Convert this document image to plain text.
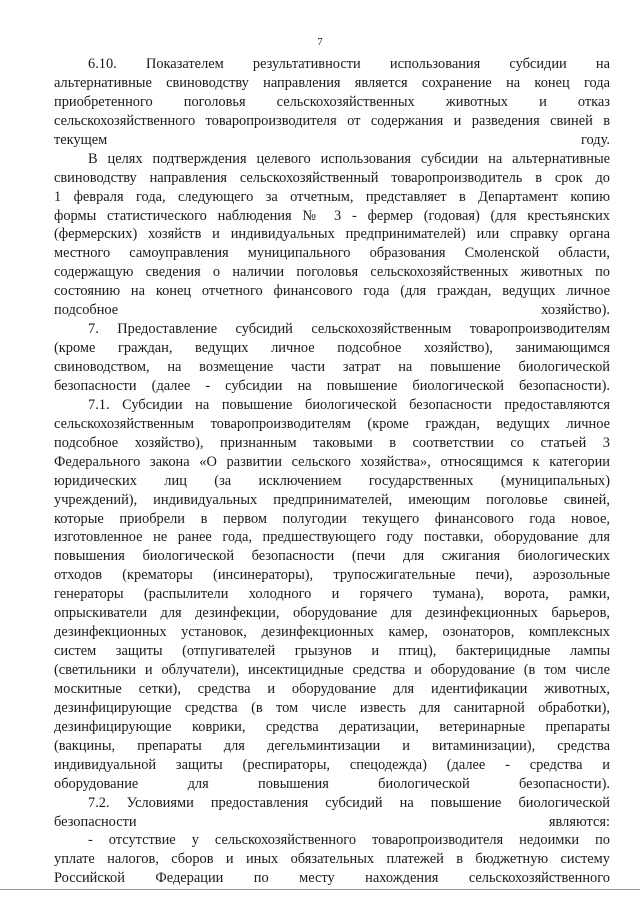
7
6.10. Показателем результативности использования субсидии на
альтернативные свиноводству направления является сохранение на конец года
приобретенного поголовья сельскохозяйственных животных и отказ
сельскохозяйственного товаропроизводителя от содержания и разведения свиней в
текущем году.
В целях подтверждения целевого использования субсидии на альтернативные
свиноводству направления сельскохозяйственный товаропроизводитель в срок до
1 февраля года, следующего за отчетным, представляет в Департамент копию
формы статистического наблюдения № 3 - фермер (годовая) (для крестьянских
(фермерских) хозяйств и индивидуальных предпринимателей) или справку органа
местного самоуправления муниципального образования Смоленской области,
содержащую сведения о наличии поголовья сельскохозяйственных животных по
состоянию на конец отчетного финансового года (для граждан, ведущих личное
подсобное хозяйство).
7. Предоставление субсидий сельскохозяйственным товаропроизводителям
(кроме граждан, ведущих личное подсобное хозяйство), занимающимся
свиноводством, на возмещение части затрат на повышение биологической
безопасности (далее - субсидии на повышение биологической безопасности).
7.1. Субсидии на повышение биологической безопасности предоставляются
сельскохозяйственным товаропроизводителям (кроме граждан, ведущих личное
подсобное хозяйство), признанным таковыми в соответствии со статьей 3
Федерального закона «О развитии сельского хозяйства», относящимся к категории
юридических лиц (за исключением государственных (муниципальных)
учреждений), индивидуальных предпринимателей, имеющим поголовье свиней,
которые приобрели в первом полугодии текущего финансового года новое,
изготовленное не ранее года, предшествующего году поставки, оборудование для
повышения биологической безопасности (печи для сжигания биологических
отходов (крематоры (инсинераторы), трупосжигательные печи), аэрозольные
генераторы (распылители холодного и горячего тумана), ворота, рамки,
опрыскиватели для дезинфекции, оборудование для дезинфекционных барьеров,
дезинфекционных установок, дезинфекционных камер, озонаторов, комплексных
систем защиты (отпугивателей грызунов и птиц), бактерицидные лампы
(светильники и облучатели), инсектицидные средства и оборудование (в том числе
москитные сетки), средства и оборудование для идентификации животных,
дезинфицирующие средства (в том числе известь для санитарной обработки),
дезинфицирующие коврики, средства дератизации, ветеринарные препараты
(вакцины, препараты для дегельминтизации и витаминизации), средства
индивидуальной защиты (респираторы, спецодежда) (далее - средства и
оборудование для повышения биологической безопасности).
7.2. Условиями предоставления субсидий на повышение биологической
безопасности являются:
- отсутствие у сельскохозяйственного товаропроизводителя недоимки по
уплате налогов, сборов и иных обязательных платежей в бюджетную систему
Российской Федерации по месту нахождения сельскохозяйственного
